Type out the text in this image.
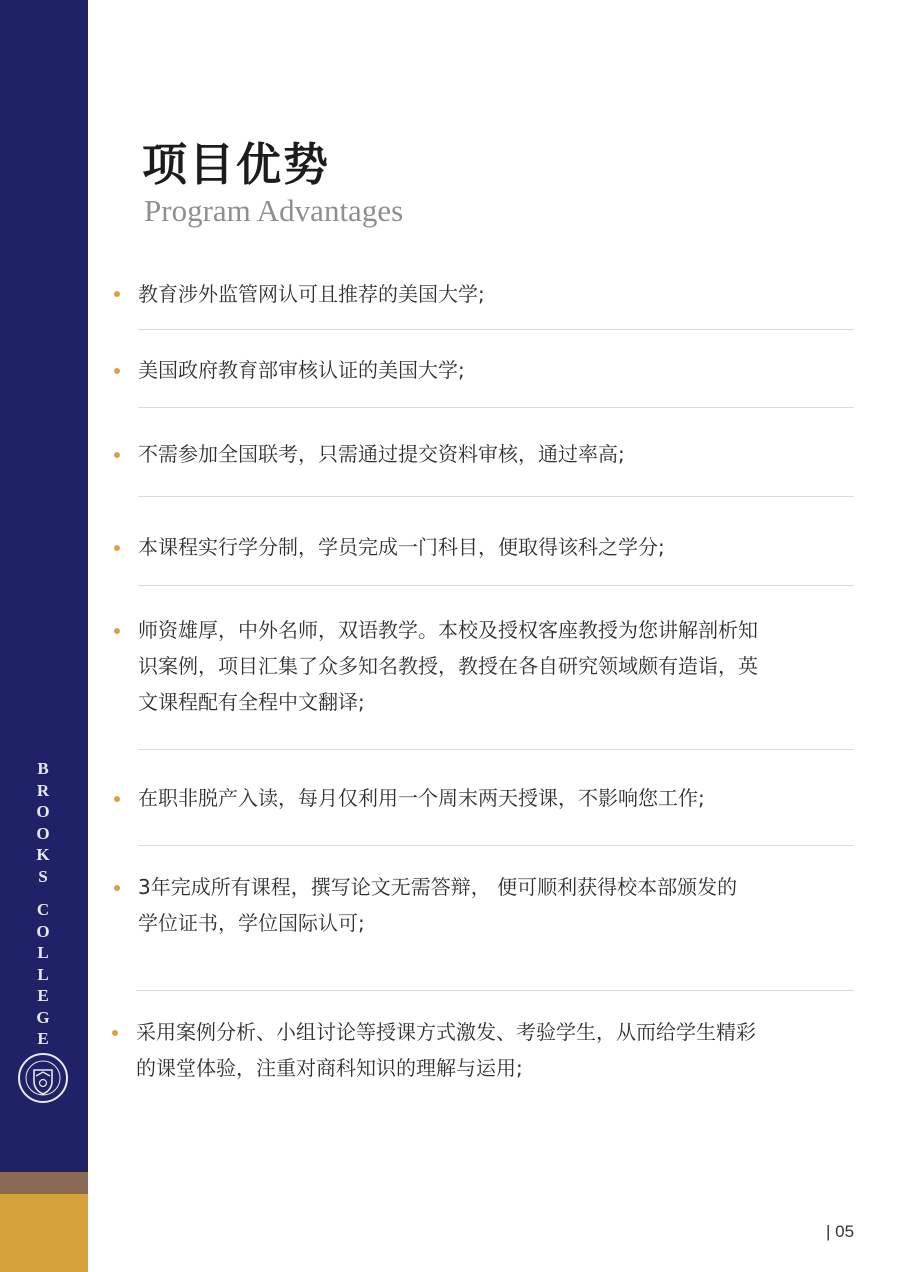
B
R
O
O
K
S
C
O
L
L
E
G
E
项目优势
Program Advantages
教育涉外监管网认可且推荐的美国大学;
美国政府教育部审核认证的美国大学;
不需参加全国联考，只需通过提交资料审核，通过率高;
本课程实行学分制，学员完成一门科目，便取得该科之学分;
师资雄厚，中外名师，双语教学。本校及授权客座教授为您讲解剖析知
识案例，项目汇集了众多知名教授，教授在各自研究领域颇有造诣，英
文课程配有全程中文翻译;
在职非脱产入读，每月仅利用一个周末两天授课，不影响您工作;
3年完成所有课程，撰写论文无需答辩， 便可顺利获得校本部颁发的
学位证书，学位国际认可;
采用案例分析、小组讨论等授课方式激发、考验学生，从而给学生精彩
的课堂体验，注重对商科知识的理解与运用;
| 05
